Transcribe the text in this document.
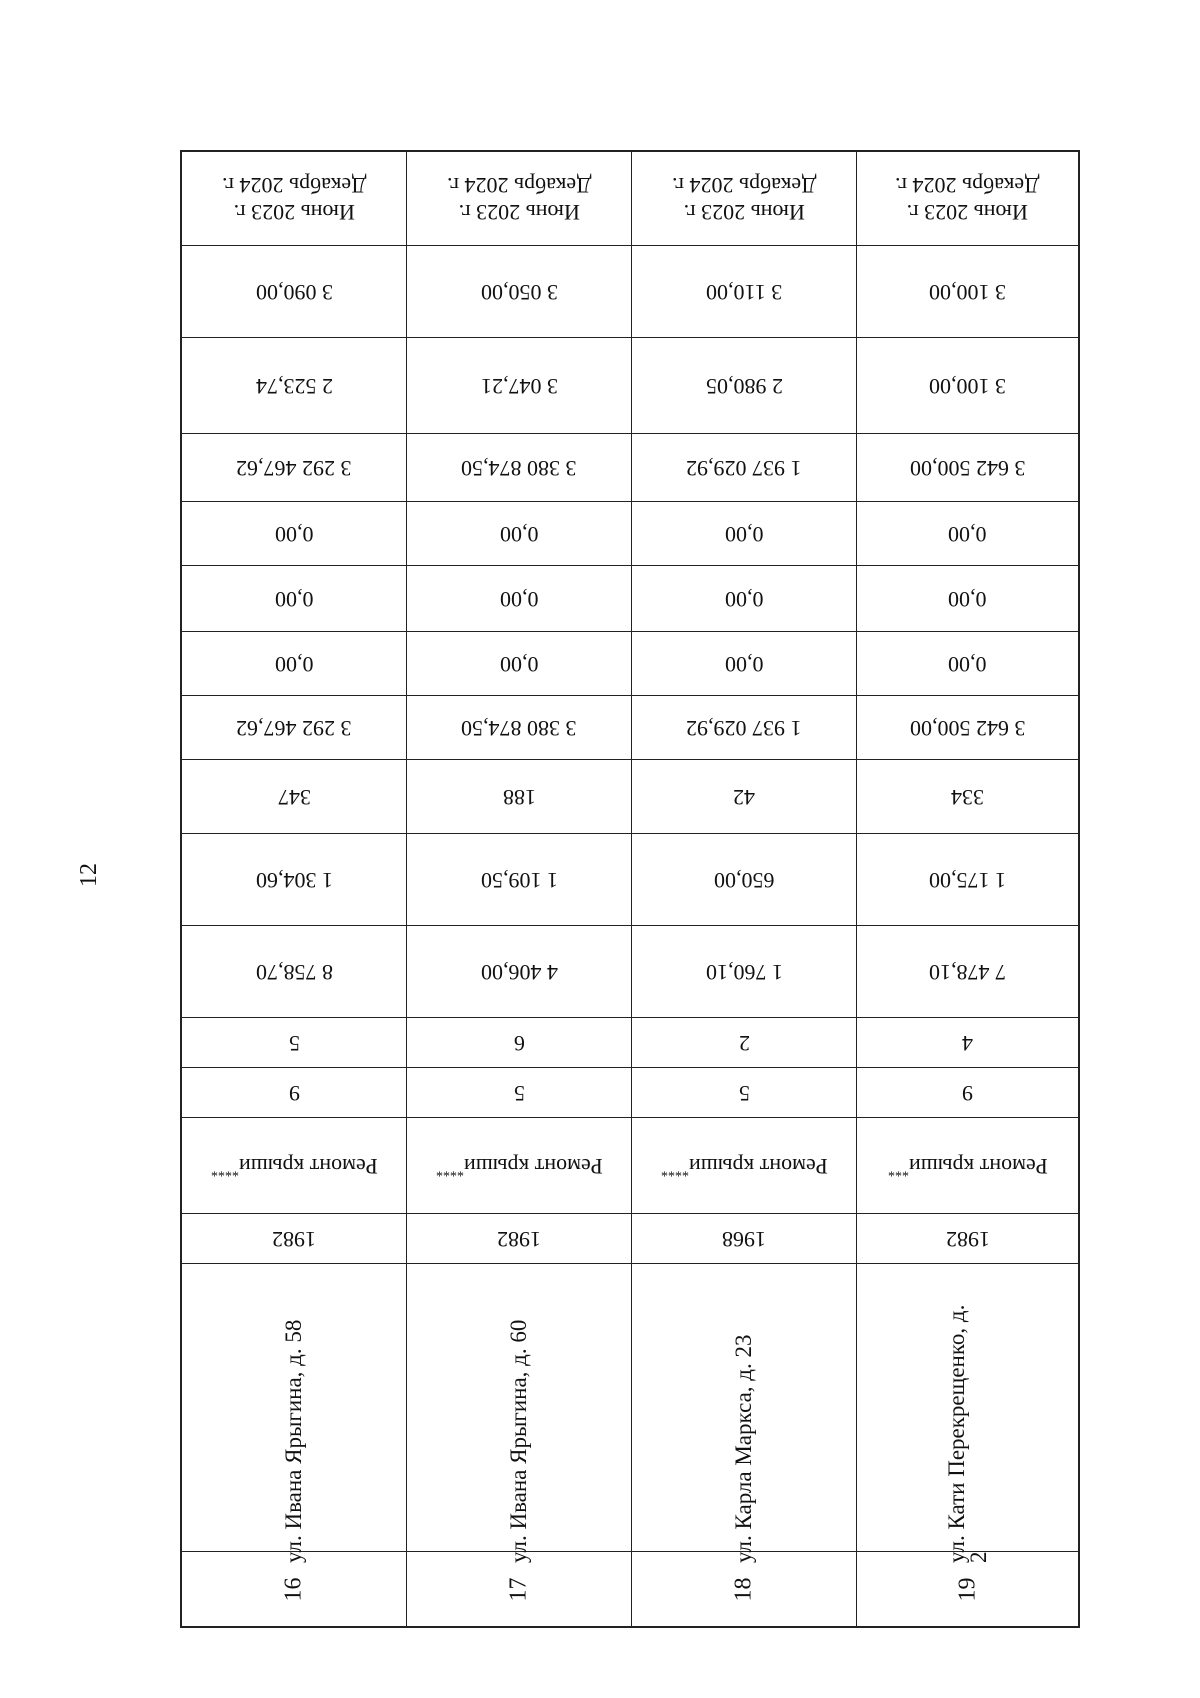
12
Июнь 2023 г.
Декабрь 2024 г.
3 090,00
2 523,74
3 292 467,62
0,00
0,00
0,00
3 292 467,62
347
1 304,60
8 758,70
5
9
Ремонт крыши****
1982
ул. Ивана Ярыгина, д. 58
16
Июнь 2023 г.
Декабрь 2024 г.
3 050,00
3 047,21
3 380 874,50
0,00
0,00
0,00
3 380 874,50
188
1 109,50
4 406,00
6
5
Ремонт крыши****
1982
ул. Ивана Ярыгина, д. 60
17
Июнь 2023 г.
Декабрь 2024 г.
3 110,00
2 980,05
1 937 029,92
0,00
0,00
0,00
1 937 029,92
42
650,00
1 760,10
2
5
Ремонт крыши****
1968
ул. Карла Маркса, д. 23
18
Июнь 2023 г.
Декабрь 2024 г.
3 100,00
3 100,00
3 642 500,00
0,00
0,00
0,00
3 642 500,00
334
1 175,00
7 478,10
4
9
Ремонт крыши***
1982
ул. Кати Перекрещенко, д.
2
19
